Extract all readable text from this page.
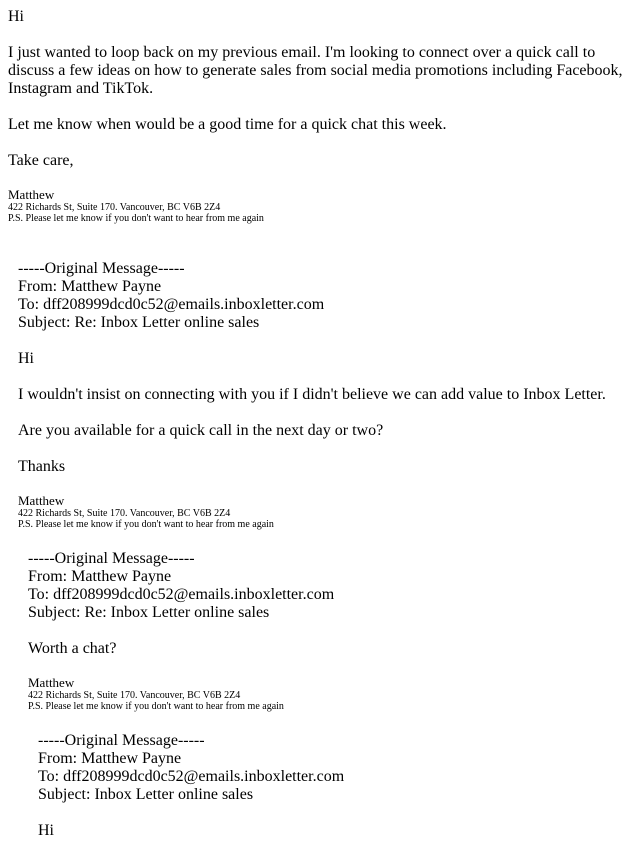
Hi

I just wanted to loop back on my previous email. I'm looking to connect over a quick call to discuss a few ideas on how to generate sales from social media promotions including Facebook, Instagram and TikTok.

Let me know when would be a good time for a quick chat this week.

Take care,

Matthew

422 Richards St, Suite 170. Vancouver, BC V6B 2Z4

P.S. Please let me know if you don't want to hear from me again

-----Original Message-----

From: Matthew Payne

To: dff208999dcd0c52@emails.inboxletter.com

Subject: Re: Inbox Letter online sales

Hi

I wouldn't insist on connecting with you if I didn't believe we can add value to Inbox Letter.

Are you available for a quick call in the next day or two?

Thanks

Matthew

422 Richards St, Suite 170. Vancouver, BC V6B 2Z4

P.S. Please let me know if you don't want to hear from me again

-----Original Message-----

From: Matthew Payne

To: dff208999dcd0c52@emails.inboxletter.com

Subject: Re: Inbox Letter online sales

Worth a chat?

Matthew

422 Richards St, Suite 170. Vancouver, BC V6B 2Z4

P.S. Please let me know if you don't want to hear from me again

-----Original Message-----

From: Matthew Payne

To: dff208999dcd0c52@emails.inboxletter.com

Subject: Inbox Letter online sales

Hi
